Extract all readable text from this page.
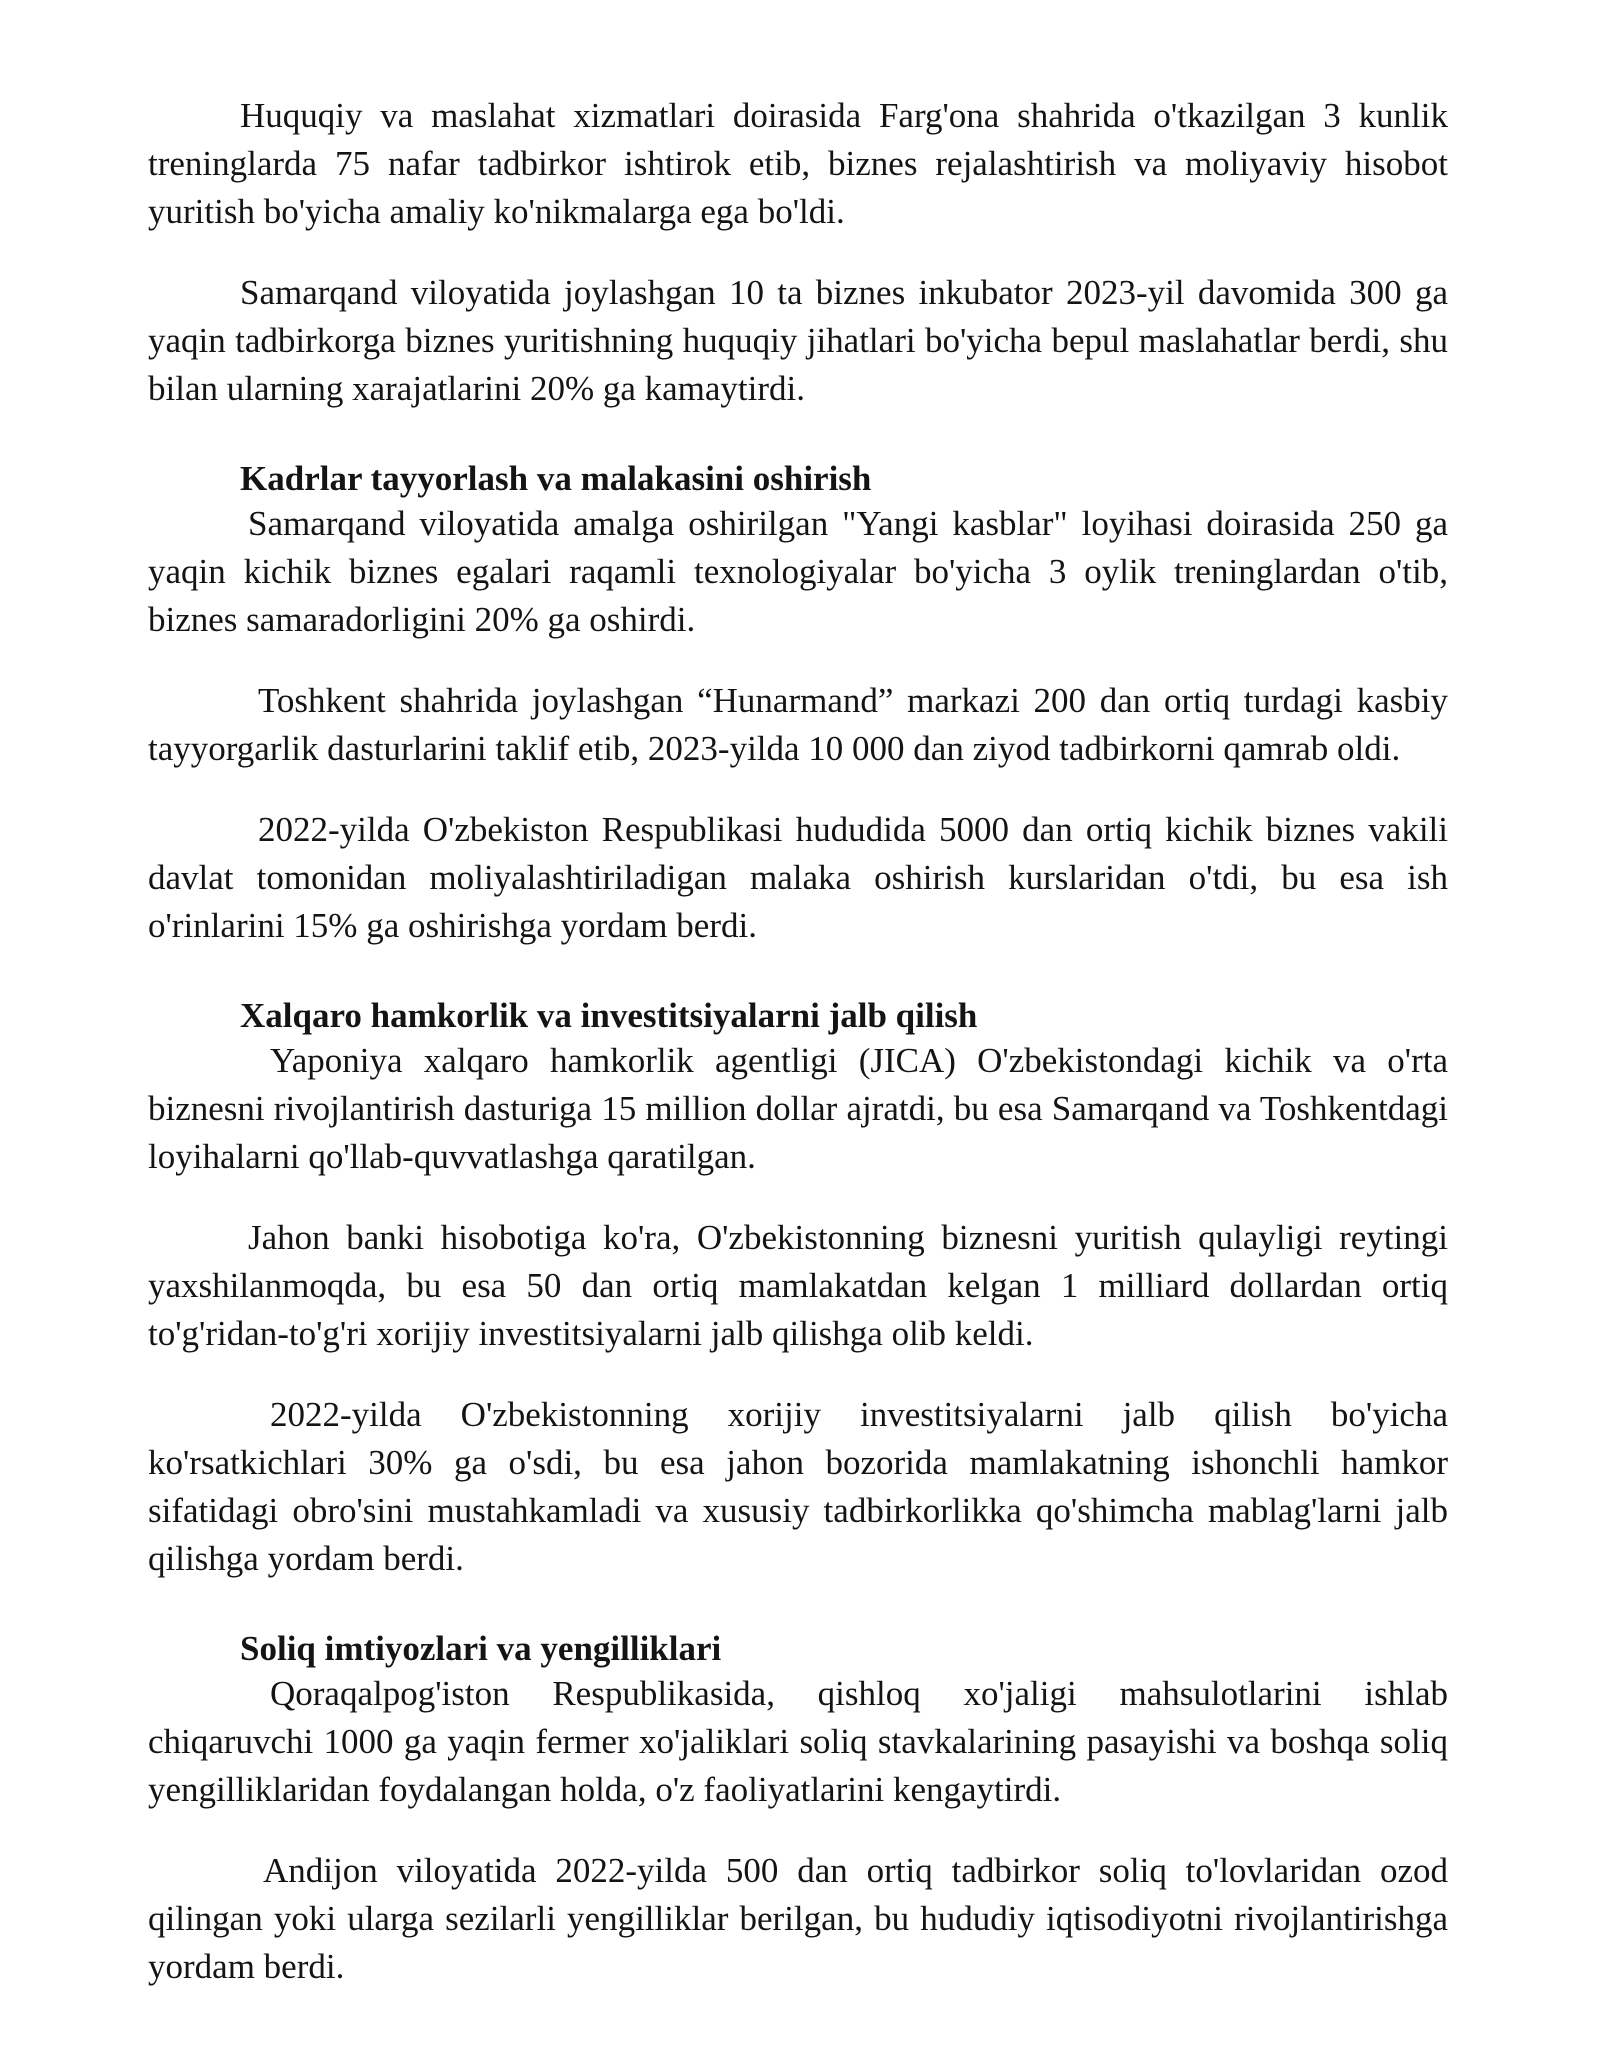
Huquqiy va maslahat xizmatlari doirasida Farg'ona shahrida o'tkazilgan 3 kunlik treninglarda 75 nafar tadbirkor ishtirok etib, biznes rejalashtirish va moliyaviy hisobot yuritish bo'yicha amaliy ko'nikmalarga ega bo'ldi.

Samarqand viloyatida joylashgan 10 ta biznes inkubator 2023-yil davomida 300 ga yaqin tadbirkorga biznes yuritishning huquqiy jihatlari bo'yicha bepul maslahatlar berdi, shu bilan ularning xarajatlarini 20% ga kamaytirdi.

Kadrlar tayyorlash va malakasini oshirish

Samarqand viloyatida amalga oshirilgan "Yangi kasblar" loyihasi doirasida 250 ga yaqin kichik biznes egalari raqamli texnologiyalar bo'yicha 3 oylik treninglardan o'tib, biznes samaradorligini 20% ga oshirdi.

Toshkent shahrida joylashgan “Hunarmand” markazi 200 dan ortiq turdagi kasbiy tayyorgarlik dasturlarini taklif etib, 2023-yilda 10 000 dan ziyod tadbirkorni qamrab oldi.

2022-yilda O'zbekiston Respublikasi hududida 5000 dan ortiq kichik biznes vakili davlat tomonidan moliyalashtiriladigan malaka oshirish kurslaridan o'tdi, bu esa ish o'rinlarini 15% ga oshirishga yordam berdi.

Xalqaro hamkorlik va investitsiyalarni jalb qilish

Yaponiya xalqaro hamkorlik agentligi (JICA) O'zbekistondagi kichik va o'rta biznesni rivojlantirish dasturiga 15 million dollar ajratdi, bu esa Samarqand va Toshkentdagi loyihalarni qo'llab-quvvatlashga qaratilgan.

Jahon banki hisobotiga ko'ra, O'zbekistonning biznesni yuritish qulayligi reytingi yaxshilanmoqda, bu esa 50 dan ortiq mamlakatdan kelgan 1 milliard dollardan ortiq to'g'ridan-to'g'ri xorijiy investitsiyalarni jalb qilishga olib keldi.

2022-yilda O'zbekistonning xorijiy investitsiyalarni jalb qilish bo'yicha ko'rsatkichlari 30% ga o'sdi, bu esa jahon bozorida mamlakatning ishonchli hamkor sifatidagi obro'sini mustahkamladi va xususiy tadbirkorlikka qo'shimcha mablag'larni jalb qilishga yordam berdi.

Soliq imtiyozlari va yengilliklari

Qoraqalpog'iston Respublikasida, qishloq xo'jaligi mahsulotlarini ishlab chiqaruvchi 1000 ga yaqin fermer xo'jaliklari soliq stavkalarining pasayishi va boshqa soliq yengilliklaridan foydalangan holda, o'z faoliyatlarini kengaytirdi.

Andijon viloyatida 2022-yilda 500 dan ortiq tadbirkor soliq to'lovlaridan ozod qilingan yoki ularga sezilarli yengilliklar berilgan, bu hududiy iqtisodiyotni rivojlantirishga yordam berdi.
